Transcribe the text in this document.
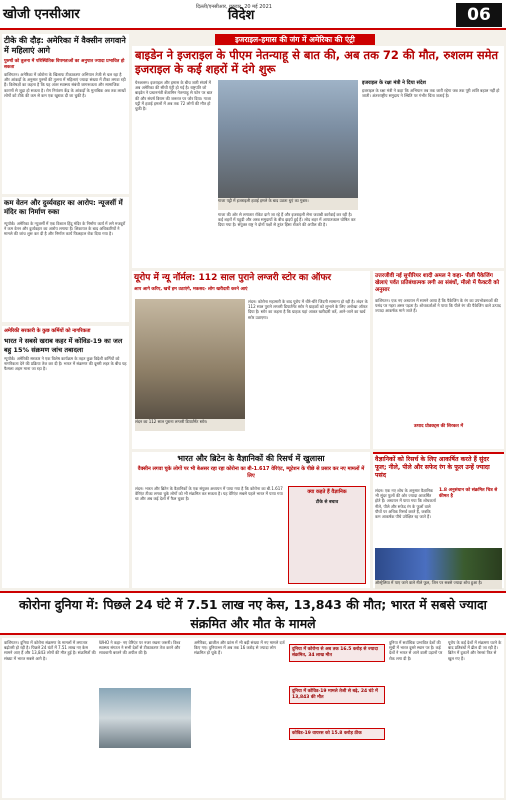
खोजी एनसीआर	दिल्ली/एनसीआर, गुरुवार, 20 मई 2021
विदेश	06
टीके की दौड़: अमेरिका में वैक्सीन लगवाने में महिलाएं आगे
पुरुषों को तुलना में परिस्थितिक विपमताओं का अनुपात ज्यादा प्रभावित हो सकता
वाशिंगटन। अमेरिका में कोरोना के खिलाफ टीकाकरण अभियान तेजी से चल रहा है और आंकड़ों के अनुसार पुरुषों की तुलना में महिलाएं ज्यादा संख्या में टीका लगवा रही हैं। विशेषज्ञों का कहना है कि यह अंतर स्वास्थ्य संबंधी जागरूकता और सामाजिक कारणों से जुड़ा हो सकता है। रोग नियंत्रण केंद्र के आंकड़ों के मुताबिक अब तक लाखों लोगों को टीके की कम से कम एक खुराक दी जा चुकी है।
कम वेतन और दुर्व्यवहार का आरोप: न्यूजर्सी में मंदिर का निर्माण रुका
न्यूयॉर्क। अमेरिका के न्यूजर्सी में एक विशाल हिंदू मंदिर के निर्माण कार्य में लगे मजदूरों ने कम वेतन और दुर्व्यवहार का आरोप लगाया है। शिकायत के बाद अधिकारियों ने मामले की जांच शुरू कर दी है और निर्माण कार्य फिलहाल रोक दिया गया है।
अमेरिकी सरकारी के कुछ कर्मियों को नागरिकता
भारत ने सबसे खराब कहर में कोविड-19 का जल बहु 15% संक्रमण जांच तबादला
न्यूयॉर्क। अमेरिकी सरकार ने एक विशेष कार्यक्रम के तहत कुछ विदेशी कर्मियों को नागरिकता देने की प्रक्रिया तेज कर दी है। भारत में संक्रमण की दूसरी लहर के बीच यह फैसला अहम माना जा रहा है।
इजराइल-हमास की जंग में अमेरिका की एंट्री
बाइडेन ने इजराइल के पीएम नेतन्याहू से बात की, अब तक 72 की मौत, रुशलम समेत इजराइल के कई शहरों में दंगे शुरू
येरुशलम। इजराइल और हमास के बीच जारी संघर्ष में अब अमेरिका की सीधी एंट्री हो गई है। राष्ट्रपति जो बाइडेन ने प्रधानमंत्री बेंजामिन नेतन्याहू से फोन पर बात की और संघर्ष विराम की जरूरत पर जोर दिया। गाजा पट्टी में हवाई हमलों में अब तक 72 लोगों की मौत हो चुकी है।
गाजा पट्टी में इजराइली हवाई हमले के बाद उठता धुएं का गुबार।
गाजा की ओर से लगातार रॉकेट दागे जा रहे हैं और इजराइली सेना जवाबी कार्रवाई कर रही है। कई शहरों में यहूदी और अरब समुदायों के बीच झड़पें हुई हैं। लोद शहर में आपातकाल घोषित कर दिया गया है। संयुक्त राष्ट्र ने दोनों पक्षों से तुरंत हिंसा रोकने की अपील की है।
इजराइल के रक्षा मंत्री ने दिया संदेश
इजराइल के रक्षा मंत्री ने कहा कि अभियान तब तक जारी रहेगा जब तक पूरी शांति बहाल नहीं हो जाती। अंतरराष्ट्रीय समुदाय ने स्थिति पर गंभीर चिंता जताई है।
यूरोप में न्यू नॉर्मल: 112 साल पुराने लग्जरी स्टोर का ऑफर
आप आगे करिए, खर्चे हम उठाएंगे, मकसद- लोग खरीदारी करने आएं
लंदन का 112 साल पुराना लग्जरी डिपार्टमेंट स्टोर।
लंदन। कोरोना महामारी के बाद यूरोप में धीरे-धीरे जिंदगी सामान्य हो रही है। लंदन के 112 साल पुराने लग्जरी डिपार्टमेंट स्टोर ने ग्राहकों को लुभाने के लिए अनोखा ऑफर दिया है। स्टोर का कहना है कि ग्राहक यहां आकर खरीदारी करें, आने-जाने का खर्च स्टोर उठाएगा।
उत्तरजीवी नई सुपीरियर शादी अमल ने कहा- पीली पैकेजिंग खेलाएं पर्वत प्रतिबंधात्मक लगी आ संबंधों, मीलो में फैक्टरी को अनुसार
वाशिंगटन। एक नए अध्ययन में सामने आया है कि पैकेजिंग के रंग का उपभोक्ताओं की पसंद पर गहरा असर पड़ता है। शोधकर्ताओं ने पाया कि पीले रंग की पैकेजिंग वाले उत्पाद ज्यादा आकर्षक माने जाते हैं।
उत्पाद प्रोडक्ट्स की शिरकत में
भारत और ब्रिटेन के वैज्ञानिकों की रिसर्च में खुलासा
वैक्सीन लगवा चुके लोगों पर भी बेअसर रहा रहा कोरोना का बी-1.617 वेरिएंट, म्यूटेशन के पीछे से प्रसार कर नए मामलों में लिए
लंदन। भारत और ब्रिटेन के वैज्ञानिकों के एक संयुक्त अध्ययन में पाया गया है कि कोरोना का बी.1.617 वेरिएंट टीका लगवा चुके लोगों को भी संक्रमित कर सकता है। यह वेरिएंट सबसे पहले भारत में पाया गया था और अब कई देशों में फैल चुका है।
क्या कहते हैं वैज्ञानिक
टीके से बचाव
वैज्ञानिकों को रिसर्च के लिए आकर्षित करते हैं सुंदर फूल; नीले, पीले और सफेद रंग के फूल उन्हें ज्यादा पसंद
लंदन। एक नए शोध के अनुसार वैज्ञानिक भी सुंदर फूलों की ओर ज्यादा आकर्षित होते हैं। अध्ययन में पाया गया कि शोधकर्ता नीले, पीले और सफेद रंग के फूलों वाले पौधों पर अधिक रिसर्च करते हैं, जबकि कम आकर्षक पौधे उपेक्षित रह जाते हैं।
1.8 अनुसंधान को संक्रमित चित्र से कीमत है
ऑस्ट्रेलिया में पाए जाने वाले नीले फूल, जिन पर सबसे ज्यादा शोध हुआ है।
कोरोना दुनिया में: पिछले 24 घंटे में 7.51 लाख नए केस, 13,843 की मौत; भारत में सबसे ज्यादा संक्रमित और मौत के मामले
वाशिंगटन। दुनिया में कोरोना संक्रमण के मामलों में लगातार बढ़ोतरी हो रही है। पिछले 24 घंटों में 7.51 लाख नए केस सामने आए हैं और 13,843 लोगों की मौत हुई है। संक्रमितों की संख्या में भारत सबसे आगे है।
WHO ने कहा- नए वेरिएंट पर नजर रखना जरूरी। विश्व स्वास्थ्य संगठन ने सभी देशों से टीकाकरण तेज करने और सावधानी बरतने की अपील की है।
अमेरिका, ब्राजील और फ्रांस में भी बड़ी संख्या में नए मामले दर्ज किए गए। दुनियाभर में अब तक 16 करोड़ से ज्यादा लोग संक्रमित हो चुके हैं।
दुनिया में कोरोना से अब तक 16.5 करोड़ से ज्यादा संक्रमित, 34 लाख मौत
दुनिया में कोविड-19 मामले तेजी से बढ़े, 24 घंटे में 13,843 की मौत
कोविड-19 वायरस को 15.8 करोड़ ठीक
दुनिया में सर्वाधिक प्रभावित देशों की सूची में भारत दूसरे स्थान पर है। कई देशों ने भारत से आने वाली उड़ानों पर रोक लगा दी है।
यूरोप के कई देशों में संक्रमण घटने के बाद प्रतिबंधों में ढील दी जा रही है। ब्रिटेन में दुकानें और रेस्तरां फिर से खुल गए हैं।
